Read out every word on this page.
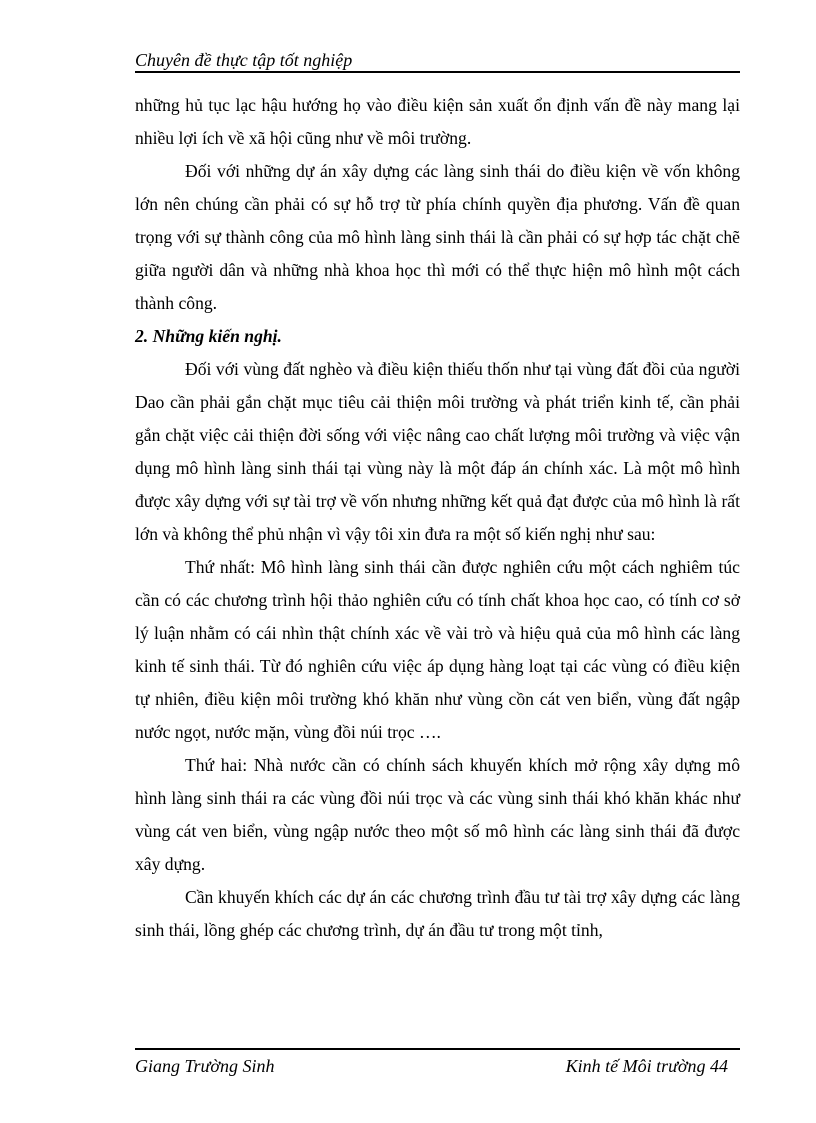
Chuyên đề thực tập tốt nghiệp

những hủ tục lạc hậu hướng họ vào điều kiện sản xuất ổn định vấn đề này mang lại nhiều lợi ích về xã hội cũng như về môi trường.

Đối với những dự án xây dựng các làng sinh thái do điều kiện về vốn không lớn nên chúng cần phải có sự hỗ trợ từ phía chính quyền địa phương. Vấn đề quan trọng với sự thành công của mô hình làng sinh thái là cần phải có sự hợp tác chặt chẽ giữa người dân và những nhà khoa học thì mới có thể thực hiện mô hình một cách thành công.

2. Những kiến nghị.

Đối với vùng đất nghèo và điều kiện thiếu thốn như tại vùng đất đồi của người Dao cần phải gắn chặt mục tiêu cải thiện môi trường và phát triển kinh tế, cần phải gắn chặt việc cải thiện đời sống với việc nâng cao chất lượng môi trường và việc vận dụng mô hình làng sinh thái tại vùng này là một đáp án chính xác. Là một mô hình được xây dựng với sự tài trợ về vốn nhưng những kết quả đạt được của mô hình là rất lớn và không thể phủ nhận vì vậy tôi xin đưa ra một số kiến nghị như sau:

Thứ nhất: Mô hình làng sinh thái cần được nghiên cứu một cách nghiêm túc cần có các chương trình hội thảo nghiên cứu có tính chất khoa học cao, có tính cơ sở lý luận nhằm có cái nhìn thật chính xác về vài trò và hiệu quả của mô hình các làng kinh tế sinh thái. Từ đó nghiên cứu việc áp dụng hàng loạt tại các vùng có điều kiện tự nhiên, điều kiện môi trường khó khăn như vùng cồn cát ven biển, vùng đất ngập nước ngọt, nước mặn, vùng đồi núi trọc ….

Thứ hai: Nhà nước cần có chính sách khuyến khích mở rộng xây dựng mô hình làng sinh thái ra các vùng đồi núi trọc và các vùng sinh thái khó khăn khác như vùng cát ven biển, vùng ngập nước theo một số mô hình các làng sinh thái đã được xây dựng.

Cần khuyến khích các dự án các chương trình đầu tư tài trợ xây dựng các làng sinh thái, lồng ghép các chương trình, dự án đầu tư trong một tỉnh,

Giang Trường Sinh	Kinh tế Môi trường 44
